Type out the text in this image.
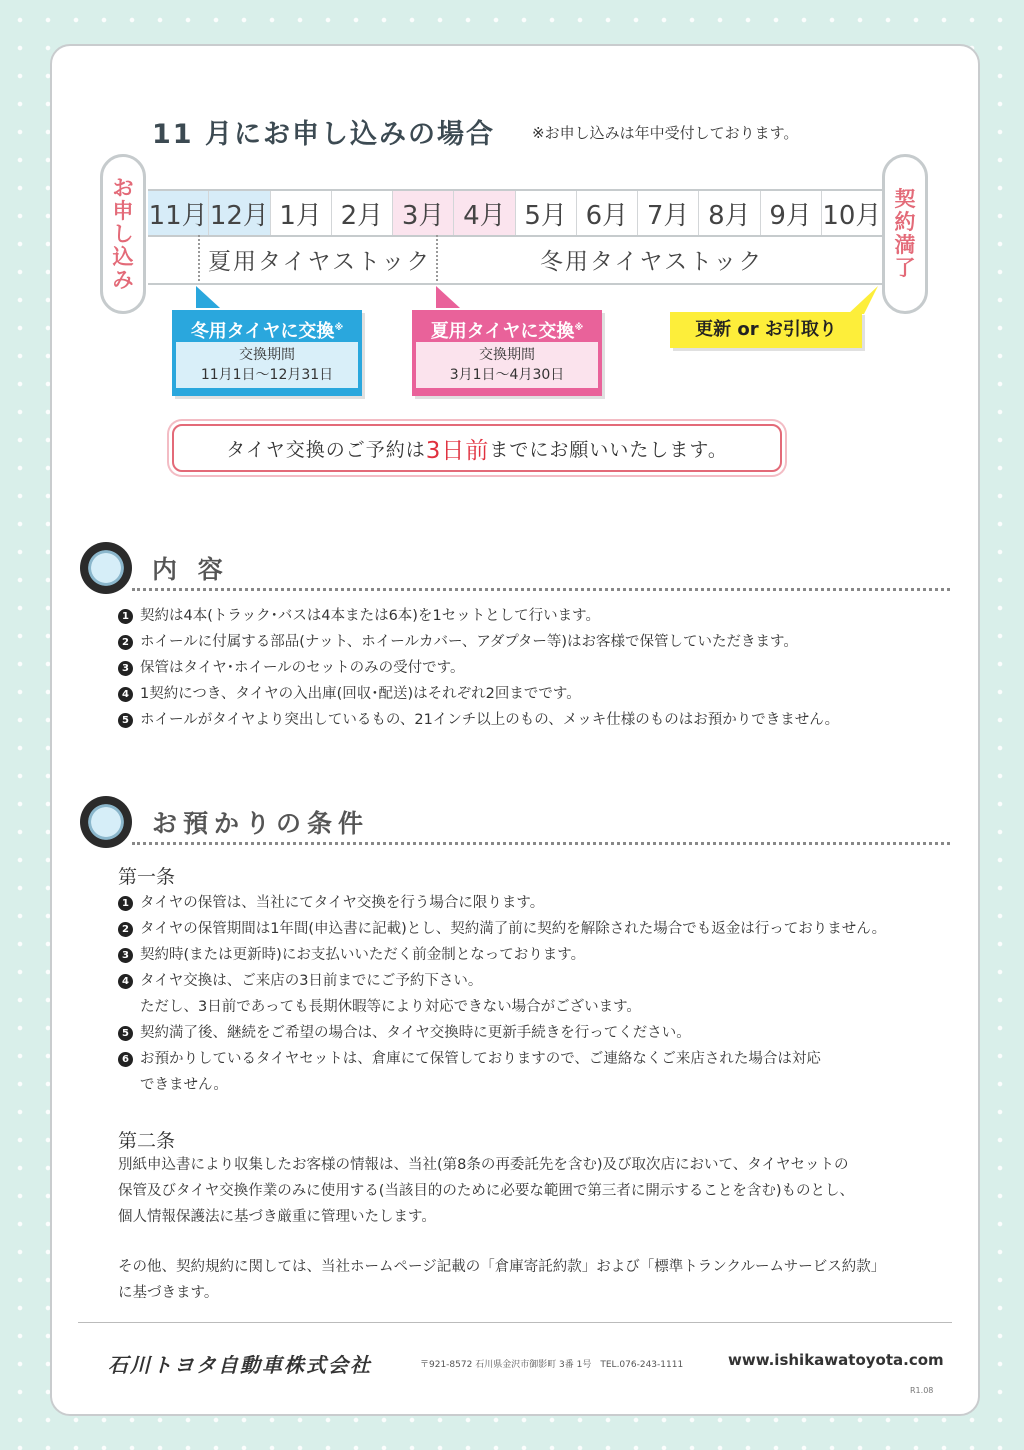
11 月にお申し込みの場合 ※お申し込みは年中受付しております。
お
申
し
込
み
契
約
満
了
11月 12月 1月 2月 3月 4月 5月 6月 7月 8月 9月 10月
夏用タイヤストック	冬用タイヤストック
冬用タイヤに交換※
交換期間
11月1日〜12月31日
夏用タイヤに交換※
交換期間
3月1日〜4月30日
更新 or お引取り
タイヤ交換のご予約は 3日前 までにお願いいたします。
内 容
1 契約は4本(トラック･バスは4本または6本)を1セットとして行います。
2 ホイールに付属する部品(ナット、ホイールカバー、アダプター等)はお客様で保管していただきます。
3 保管はタイヤ･ホイールのセットのみの受付です。
4 1契約につき、タイヤの入出庫(回収･配送)はそれぞれ2回までです。
5 ホイールがタイヤより突出しているもの、21インチ以上のもの、メッキ仕様のものはお預かりできません。
お預かりの条件
第一条
1 タイヤの保管は、当社にてタイヤ交換を行う場合に限ります。
2 タイヤの保管期間は1年間(申込書に記載)とし、契約満了前に契約を解除された場合でも返金は行っておりません。
3 契約時(または更新時)にお支払いいただく前金制となっております。
4 タイヤ交換は、ご来店の3日前までにご予約下さい。
ただし、3日前であっても長期休暇等により対応できない場合がございます。
5 契約満了後、継続をご希望の場合は、タイヤ交換時に更新手続きを行ってください。
6 お預かりしているタイヤセットは、倉庫にて保管しておりますので、ご連絡なくご来店された場合は対応
できません。
第二条
別紙申込書により収集したお客様の情報は、当社(第8条の再委託先を含む)及び取次店において、タイヤセットの
保管及びタイヤ交換作業のみに使用する(当該目的のために必要な範囲で第三者に開示することを含む)ものとし、
個人情報保護法に基づき厳重に管理いたします。
その他、契約規約に関しては、当社ホームページ記載の「倉庫寄託約款」および「標準トランクルームサービス約款」
に基づきます。
石川トヨタ自動車株式会社	〒921-8572 石川県金沢市御影町 3番 1号　TEL.076-243-1111	www.ishikawatoyota.com
R1.08
